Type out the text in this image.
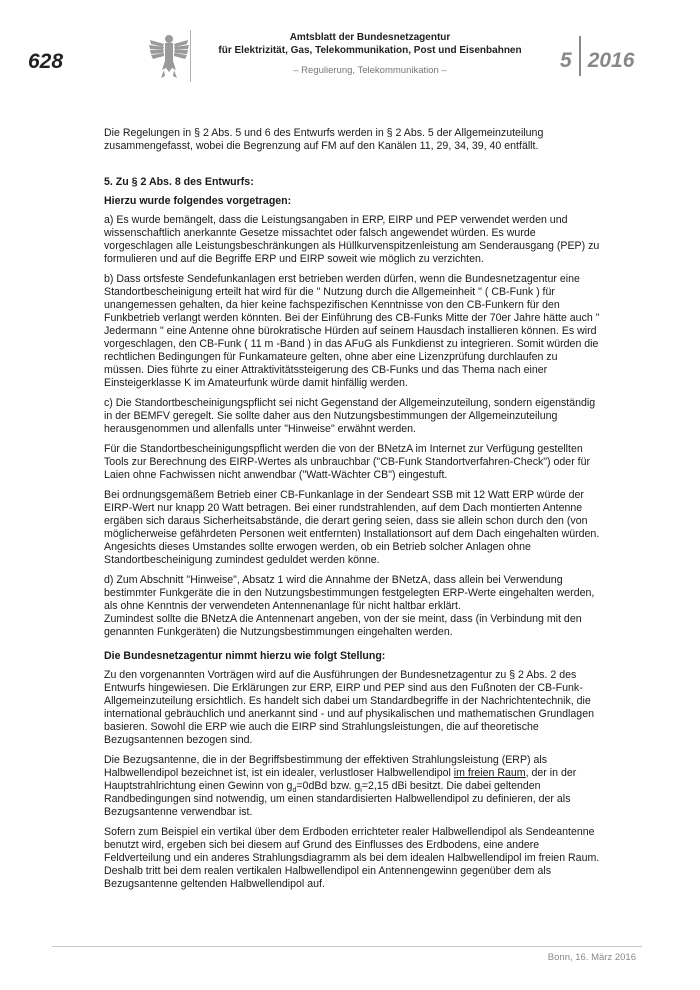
628
Amtsblatt der Bundesnetzagentur
für Elektrizität, Gas, Telekommunikation, Post und Eisenbahnen
– Regulierung, Telekommunikation –	5 2016

Die Regelungen in § 2 Abs. 5 und 6 des Entwurfs werden in § 2 Abs. 5 der Allgemeinzuteilung zusammengefasst, wobei die Begrenzung auf FM auf den Kanälen 11, 29, 34, 39, 40 entfällt.

5. Zu § 2 Abs. 8 des Entwurfs:
Hierzu wurde folgendes vorgetragen:

a) Es wurde bemängelt, dass die Leistungsangaben in ERP, EIRP und PEP verwendet werden und wissenschaftlich anerkannte Gesetze missachtet oder falsch angewendet würden. Es wurde vorgeschlagen alle Leistungsbeschränkungen als Hüllkurvenspitzenleistung am Senderausgang (PEP) zu formulieren und auf die Begriffe ERP und EIRP soweit wie möglich zu verzichten.

b) Dass ortsfeste Sendefunkanlagen erst betrieben werden dürfen, wenn die Bundesnetzagentur eine Standortbescheinigung erteilt hat wird für die " Nutzung durch die Allgemeinheit " ( CB-Funk ) für unangemessen gehalten, da hier keine fachspezifischen Kenntnisse von den CB-Funkern für den Funkbetrieb verlangt werden könnten. Bei der Einführung des CB-Funks Mitte der 70er Jahre hätte auch " Jedermann " eine Antenne ohne bürokratische Hürden auf seinem Hausdach installieren können. Es wird vorgeschlagen, den CB-Funk ( 11 m -Band ) in das AFuG als Funkdienst zu integrieren. Somit würden die rechtlichen Bedingungen für Funkamateure gelten, ohne aber eine Lizenzprüfung durchlaufen zu müssen. Dies führte zu einer Attraktivitätssteigerung des CB-Funks und das Thema nach einer Einsteigerklasse K im Amateurfunk würde damit hinfällig werden.

c) Die Standortbescheinigungspflicht sei nicht Gegenstand der Allgemeinzuteilung, sondern eigenständig in der BEMFV geregelt. Sie sollte daher aus den Nutzungsbestimmungen der Allgemeinzuteilung herausgenommen und allenfalls unter "Hinweise" erwähnt werden.

Für die Standortbescheinigungspflicht werden die von der BNetzA im Internet zur Verfügung gestellten Tools zur Berechnung des EIRP-Wertes als unbrauchbar ("CB-Funk Standortverfahren-Check") oder für Laien ohne Fachwissen nicht anwendbar ("Watt-Wächter CB") eingestuft.

Bei ordnungsgemäßem Betrieb einer CB-Funkanlage in der Sendeart SSB mit 12 Watt ERP würde der EIRP-Wert nur knapp 20 Watt betragen. Bei einer rundstrahlenden, auf dem Dach montierten Antenne ergäben sich daraus Sicherheitsabstände, die derart gering seien, dass sie allein schon durch den (von möglicherweise gefährdeten Personen weit entfernten) Installationsort auf dem Dach eingehalten würden. Angesichts dieses Umstandes sollte erwogen werden, ob ein Betrieb solcher Anlagen ohne Standortbescheinigung zumindest geduldet werden könne.

d) Zum Abschnitt "Hinweise", Absatz 1 wird die Annahme der BNetzA, dass allein bei Verwendung bestimmter Funkgeräte die in den Nutzungsbestimmungen festgelegten ERP-Werte eingehalten werden, als ohne Kenntnis der verwendeten Antennenanlage für nicht haltbar erklärt.

Zumindest sollte die BNetzA die Antennenart angeben, von der sie meint, dass (in Verbindung mit den genannten Funkgeräten) die Nutzungsbestimmungen eingehalten werden.

Die Bundesnetzagentur nimmt hierzu wie folgt Stellung:

Zu den vorgenannten Vorträgen wird auf die Ausführungen der Bundesnetzagentur zu § 2 Abs. 2 des Entwurfs hingewiesen. Die Erklärungen zur ERP, EIRP und PEP sind aus den Fußnoten der CB-Funk-Allgemeinzuteilung ersichtlich. Es handelt sich dabei um Standardbegriffe in der Nachrichtentechnik, die international gebräuchlich und anerkannt sind - und auf physikalischen und mathematischen Grundlagen basieren. Sowohl die ERP wie auch die EIRP sind Strahlungsleistungen, die auf theoretische Bezugsantennen bezogen sind.

Die Bezugsantenne, die in der Begriffsbestimmung der effektiven Strahlungsleistung (ERP) als Halbwellendipol bezeichnet ist, ist ein idealer, verlustloser Halbwellendipol im freien Raum, der in der Hauptstrahlrichtung einen Gewinn von $g_d=0dBd$ bzw. $g_i=2,15$ dBi besitzt. Die dabei geltenden Randbedingungen sind notwendig, um einen standardisierten Halbwellendipol zu definieren, der als Bezugsantenne verwendbar ist.

Sofern zum Beispiel ein vertikal über dem Erdboden errichteter realer Halbwellendipol als Sendeantenne benutzt wird, ergeben sich bei diesem auf Grund des Einflusses des Erdbodens, eine andere Feldverteilung und ein anderes Strahlungsdiagramm als bei dem idealen Halbwellendipol im freien Raum. Deshalb tritt bei dem realen vertikalen Halbwellendipol ein Antennengewinn gegenüber dem als Bezugsantenne geltenden Halbwellendipol auf.

Bonn, 16. März 2016
